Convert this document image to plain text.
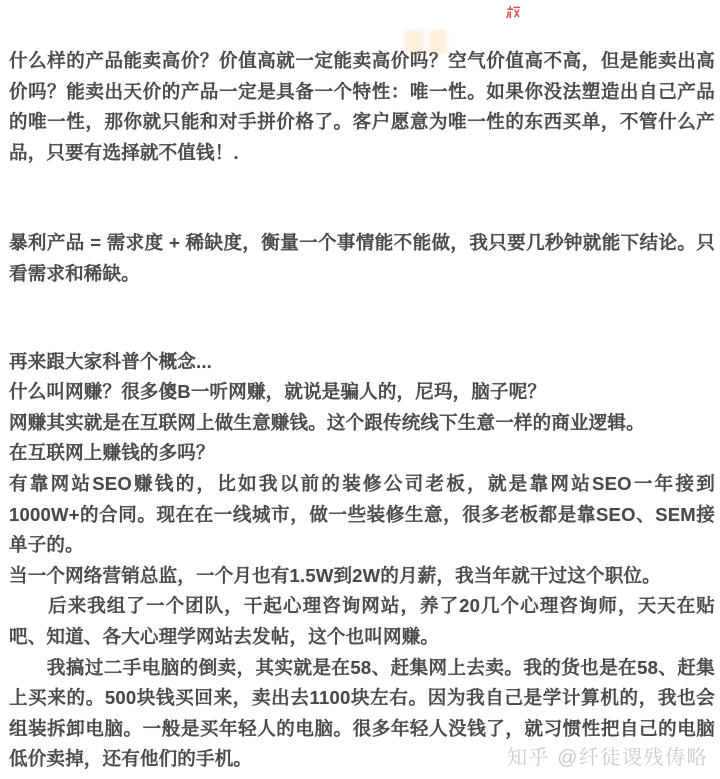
什么样的产品能卖高价？价值高就一定能卖高价吗？空气价值高不高，但是能卖出高价吗？能卖出天价的产品一定是具备一个特性：唯一性。如果你没法塑造出自己产品的唯一性，那你就只能和对手拼价格了。客户愿意为唯一性的东西买单，不管什么产品，只要有选择就不值钱！.

暴利产品 = 需求度 + 稀缺度，衡量一个事情能不能做，我只要几秒钟就能下结论。只看需求和稀缺。

再来跟大家科普个概念...

什么叫网赚？很多傻B一听网赚，就说是骗人的，尼玛，脑子呢？

网赚其实就是在互联网上做生意赚钱。这个跟传统线下生意一样的商业逻辑。

在互联网上赚钱的多吗？

有靠网站SEO赚钱的，比如我以前的装修公司老板，就是靠网站SEO一年接到1000W+的合同。现在在一线城市，做一些装修生意，很多老板都是靠SEO、SEM接单子的。

当一个网络营销总监，一个月也有1.5W到2W的月薪，我当年就干过这个职位。

　　后来我组了一个团队，干起心理咨询网站，养了20几个心理咨询师，天天在贴吧、知道、各大心理学网站去发帖，这个也叫网赚。

　　我搞过二手电脑的倒卖，其实就是在58、赶集网上去卖。我的货也是在58、赶集上买来的。500块钱买回来，卖出去1100块左右。因为我自己是学计算机的，我也会组装拆卸电脑。一般是买年轻人的电脑。很多年轻人没钱了，就习惯性把自己的电脑低价卖掉，还有他们的手机。	知乎 @纤徒谡残俦略
